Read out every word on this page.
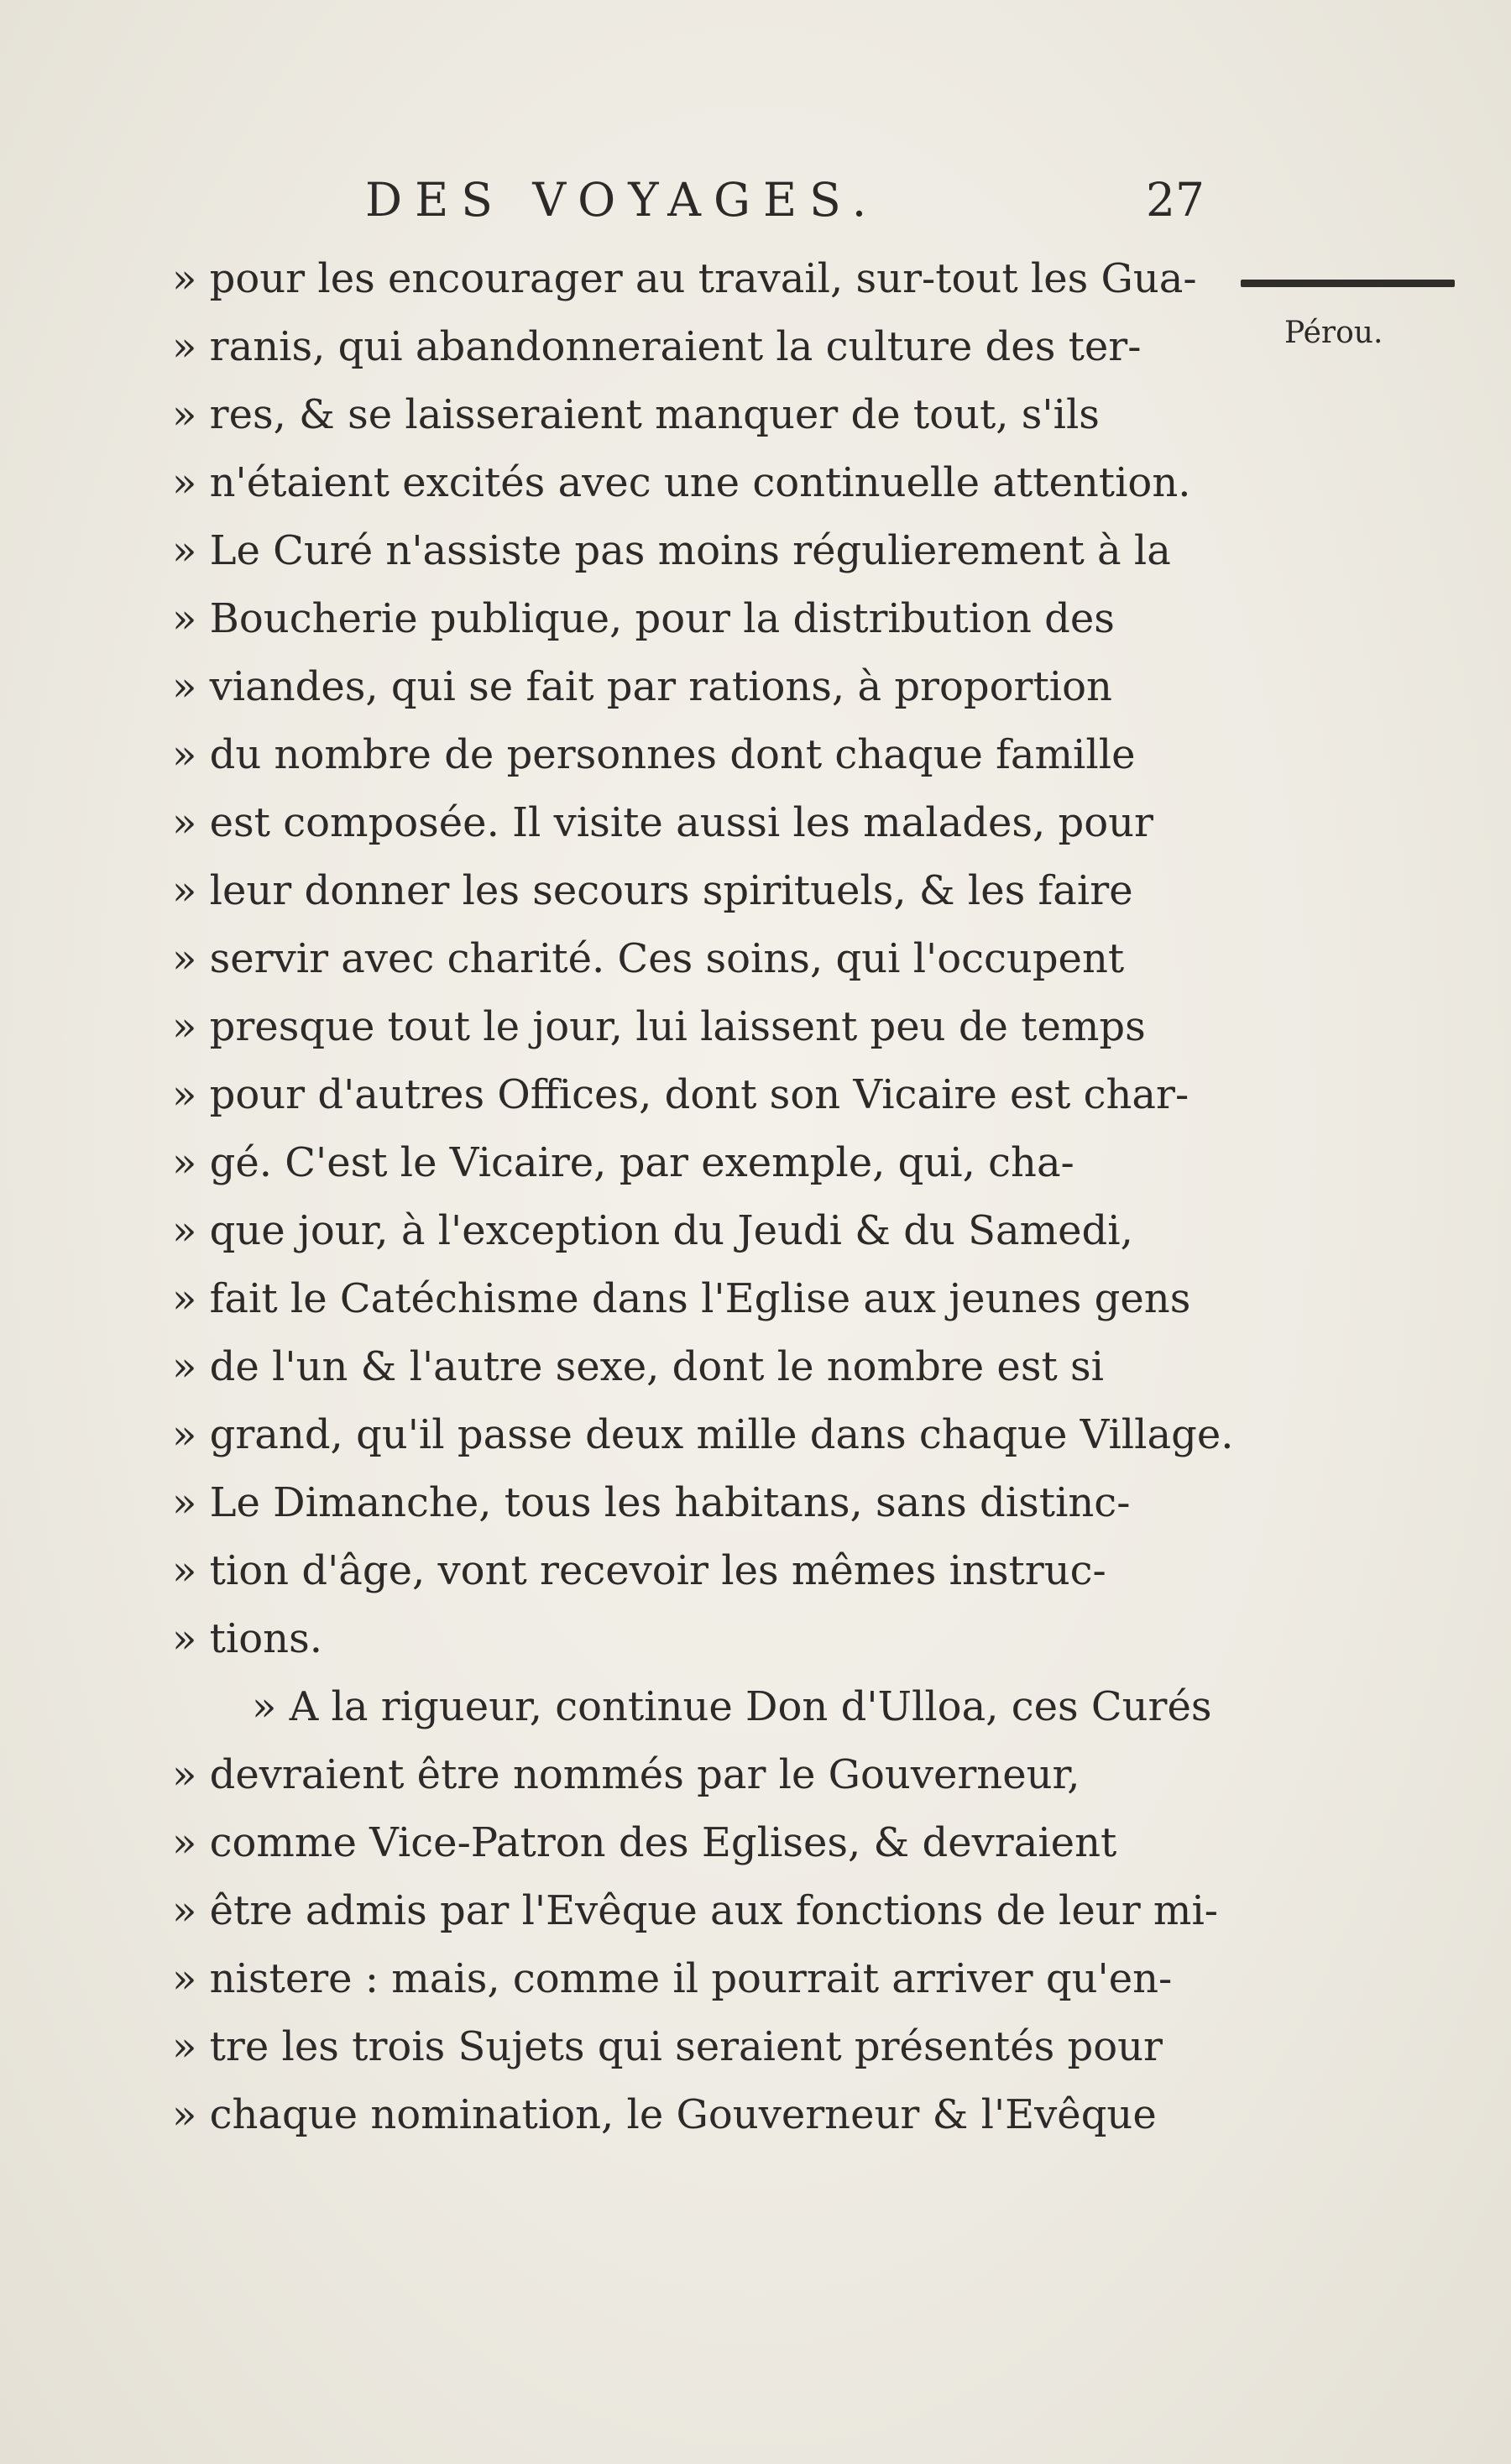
DES VOYAGES.	27
Pérou.
» pour les encourager au travail, sur-tout les Gua-
» ranis, qui abandonneraient la culture des ter-
» res, & se laisseraient manquer de tout, s'ils
» n'étaient excités avec une continuelle attention.
» Le Curé n'assiste pas moins régulierement à la
» Boucherie publique, pour la distribution des
» viandes, qui se fait par rations, à proportion
» du nombre de personnes dont chaque famille
» est composée. Il visite aussi les malades, pour
» leur donner les secours spirituels, & les faire
» servir avec charité. Ces soins, qui l'occupent
» presque tout le jour, lui laissent peu de temps
» pour d'autres Offices, dont son Vicaire est char-
» gé. C'est le Vicaire, par exemple, qui, cha-
» que jour, à l'exception du Jeudi & du Samedi,
» fait le Catéchisme dans l'Eglise aux jeunes gens
» de l'un & l'autre sexe, dont le nombre est si
» grand, qu'il passe deux mille dans chaque Village.
» Le Dimanche, tous les habitans, sans distinc-
» tion d'âge, vont recevoir les mêmes instruc-
» tions.
» A la rigueur, continue Don d'Ulloa, ces Curés
» devraient être nommés par le Gouverneur,
» comme Vice-Patron des Eglises, & devraient
» être admis par l'Evêque aux fonctions de leur mi-
» nistere : mais, comme il pourrait arriver qu'en-
» tre les trois Sujets qui seraient présentés pour
» chaque nomination, le Gouverneur & l'Evêque
